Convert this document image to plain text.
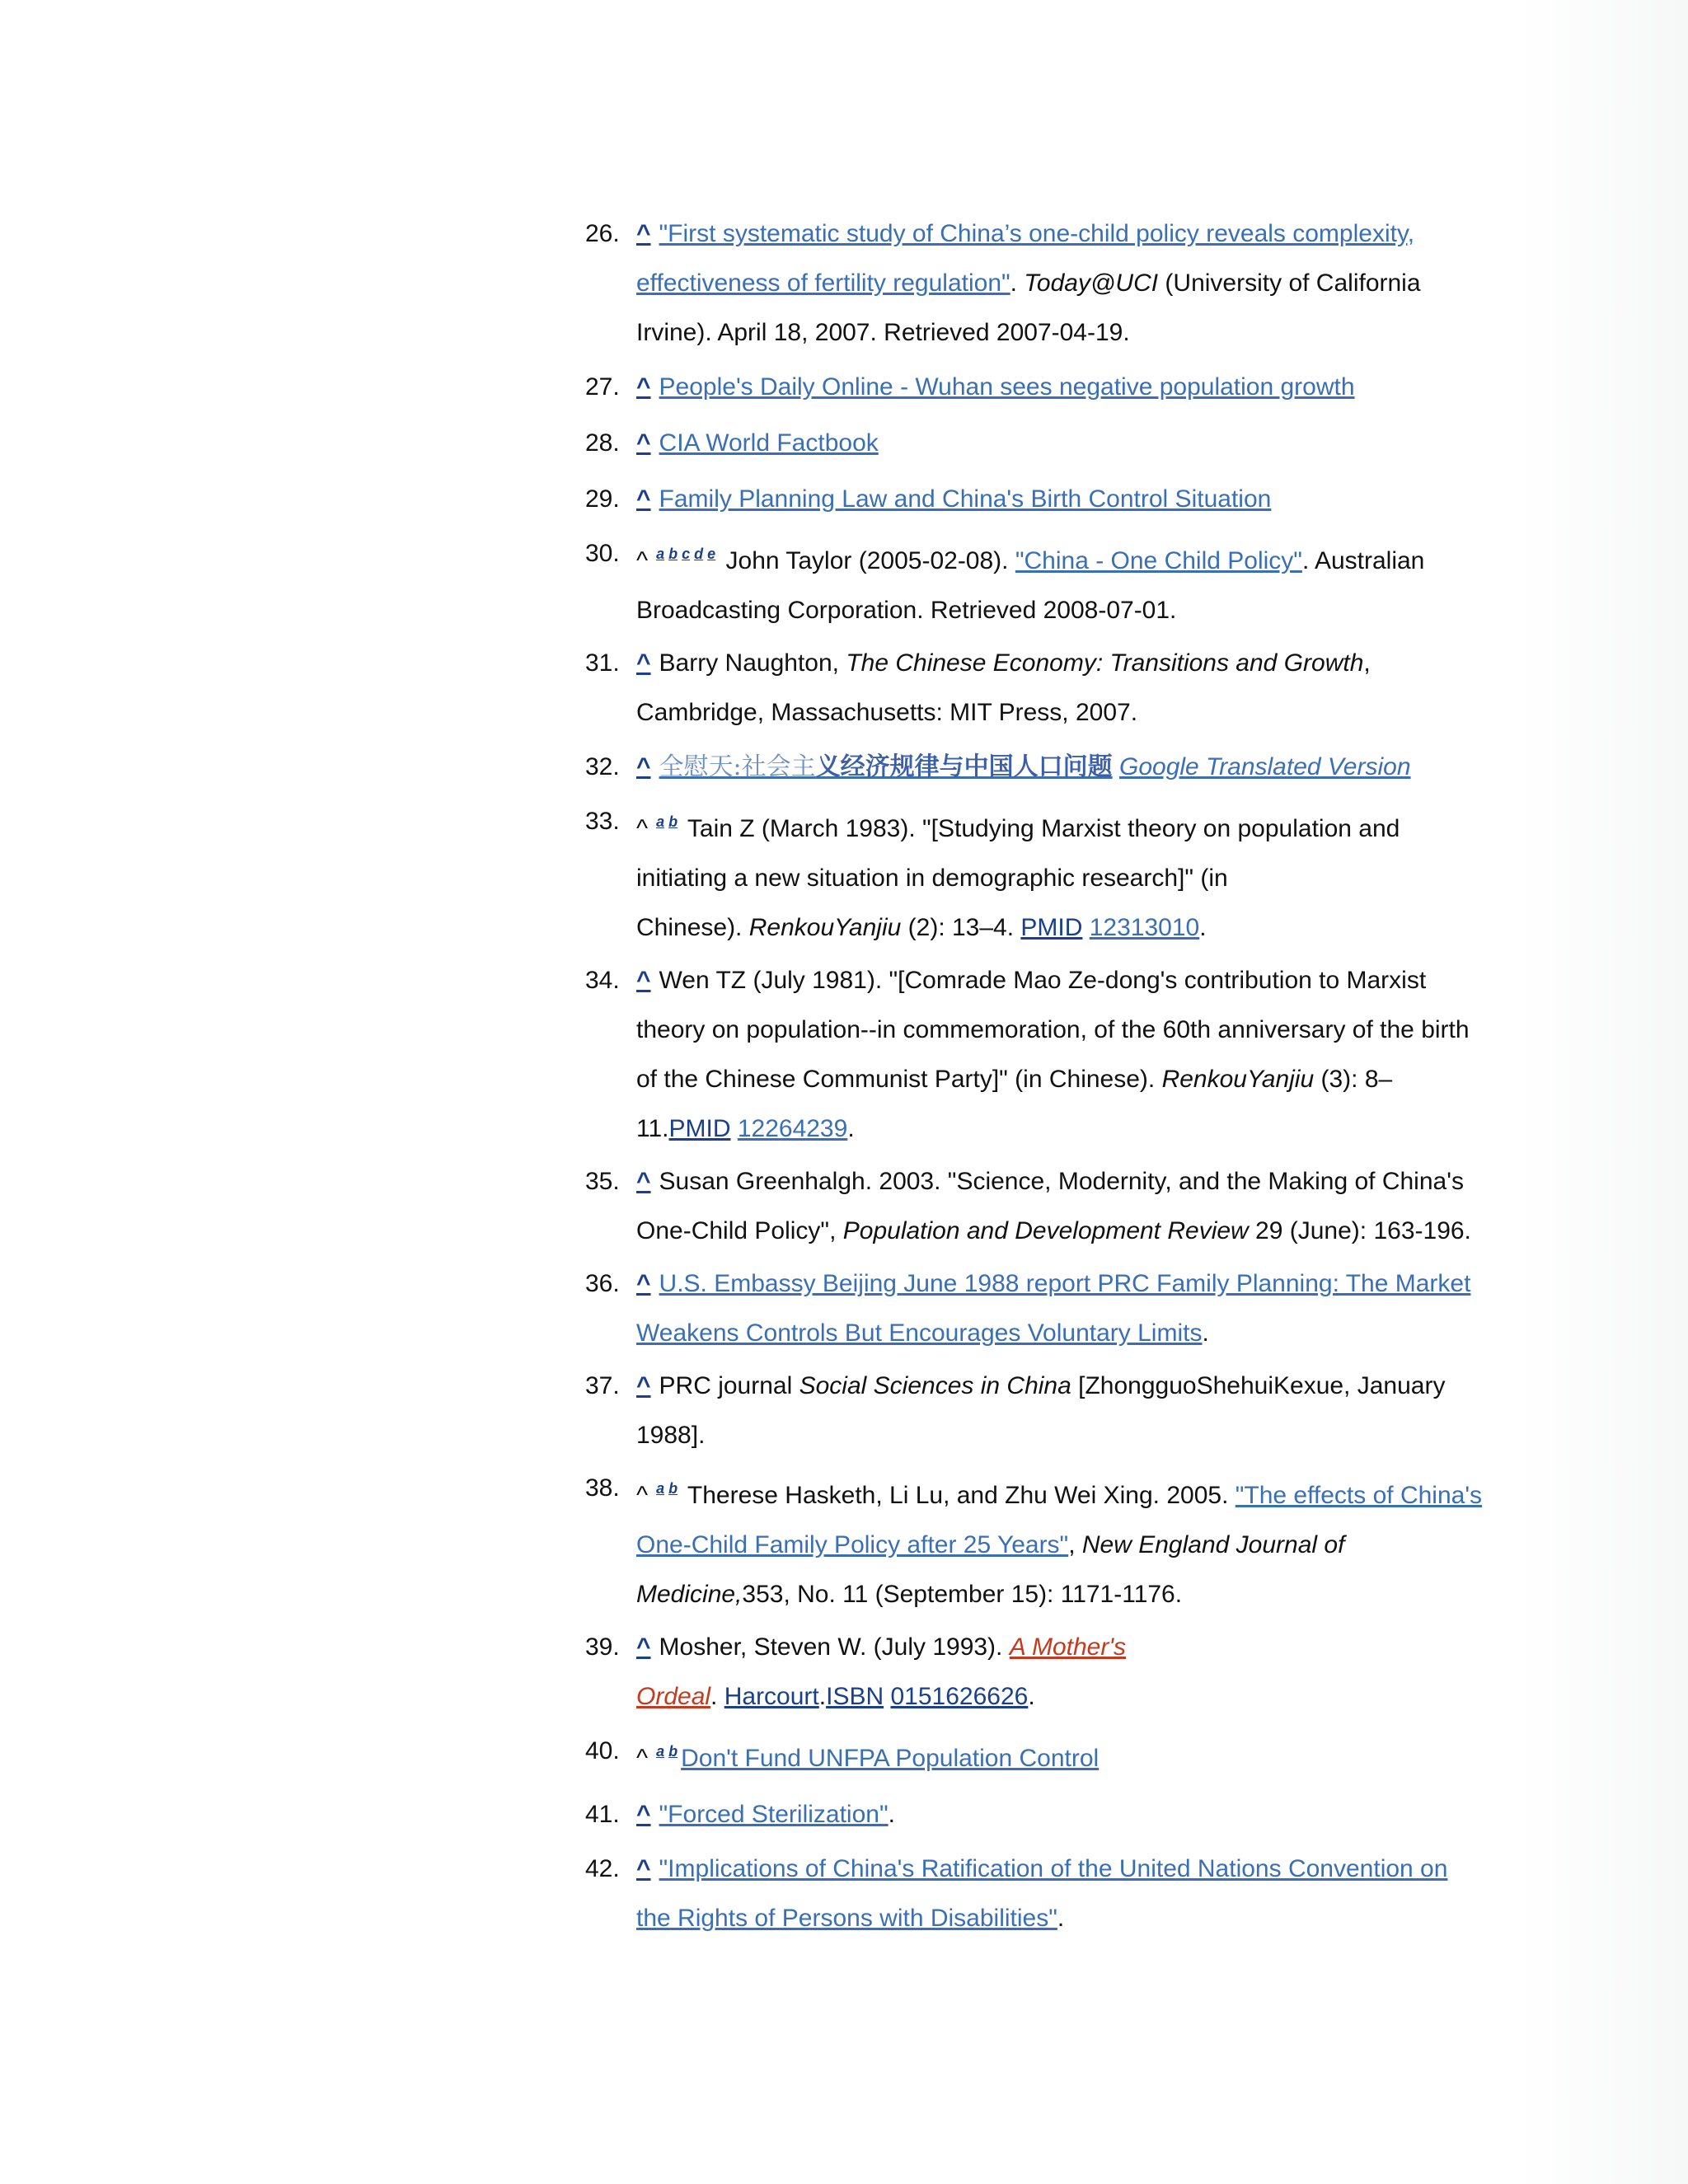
26. ^ "First systematic study of China’s one-child policy reveals complexity,
effectiveness of fertility regulation". Today@UCI (University of California
Irvine). April 18, 2007. Retrieved 2007-04-19.
27. ^ People's Daily Online - Wuhan sees negative population growth
28. ^ CIA World Factbook
29. ^ Family Planning Law and China's Birth Control Situation
30. ^ $^{a b c d e}$ John Taylor (2005-02-08). "China - One Child Policy". Australian
Broadcasting Corporation. Retrieved 2008-07-01.
31. ^ Barry Naughton, The Chinese Economy: Transitions and Growth,
Cambridge, Massachusetts: MIT Press, 2007.
32. ^ 全慰天:社会主义经济规律与中国人口问题 Google Translated Version
33. ^ $^{a b}$ Tain Z (March 1983). "[Studying Marxist theory on population and
initiating a new situation in demographic research]" (in
Chinese). RenkouYanjiu (2): 13–4. PMID 12313010.
34. ^ Wen TZ (July 1981). "[Comrade Mao Ze-dong's contribution to Marxist
theory on population--in commemoration, of the 60th anniversary of the birth
of the Chinese Communist Party]" (in Chinese). RenkouYanjiu (3): 8–
11.PMID 12264239.
35. ^ Susan Greenhalgh. 2003. "Science, Modernity, and the Making of China's
One-Child Policy", Population and Development Review 29 (June): 163-196.
36. ^ U.S. Embassy Beijing June 1988 report PRC Family Planning: The Market
Weakens Controls But Encourages Voluntary Limits.
37. ^ PRC journal Social Sciences in China [ZhongguoShehuiKexue, January
1988].
38. ^ $^{a b}$ Therese Hasketh, Li Lu, and Zhu Wei Xing. 2005. "The effects of China's
One-Child Family Policy after 25 Years", New England Journal of
Medicine,353, No. 11 (September 15): 1171-1176.
39. ^ Mosher, Steven W. (July 1993). A Mother's
Ordeal. Harcourt.ISBN 0151626626.
40. ^ $^{a b}$ Don't Fund UNFPA Population Control
41. ^ "Forced Sterilization".
42. ^ "Implications of China's Ratification of the United Nations Convention on
the Rights of Persons with Disabilities".
